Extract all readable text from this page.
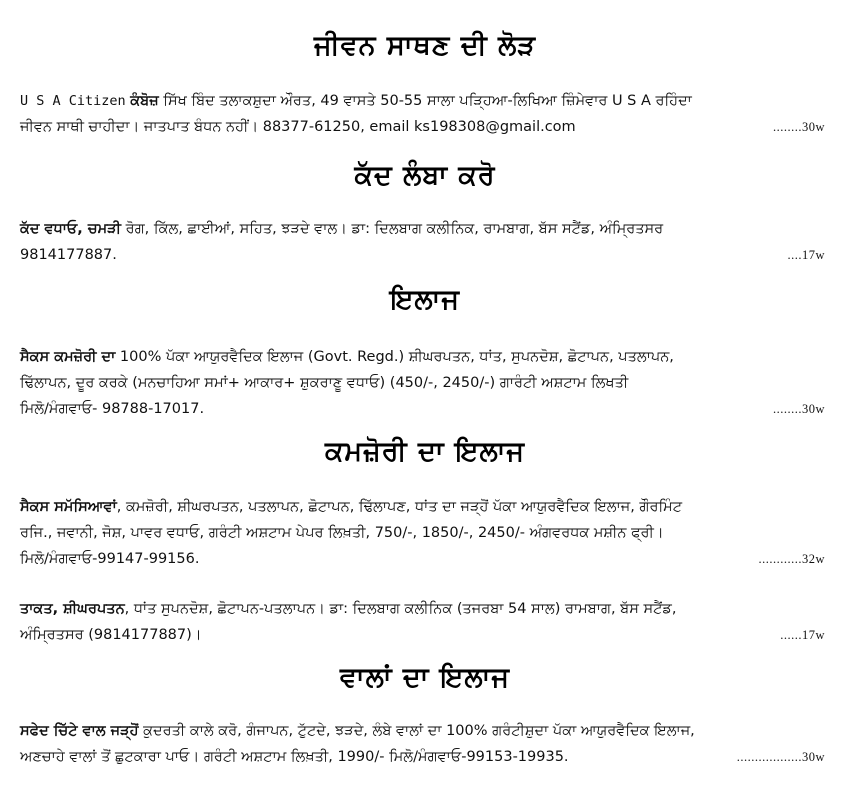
ਜੀਵਨ ਸਾਥਣ ਦੀ ਲੋੜ

U S A Citizen ਕੰਬੋਜ਼ ਸਿੱਖ ਬਿੰਦ ਤਲਾਕਸ਼ੁਦਾ ਔਰਤ, 49 ਵਾਸਤੇ 50-55 ਸਾਲਾ ਪੜ੍ਹਿਆ-ਲਿਖਿਆ ਜ਼ਿੰਮੇਵਾਰ U S A ਰਹਿੰਦਾ

ਜੀਵਨ ਸਾਥੀ ਚਾਹੀਦਾ। ਜਾਤਪਾਤ ਬੰਧਨ ਨਹੀਂ। 88377-61250, email ks198308@gmail.com	........30w

ਕੱਦ ਲੰਬਾ ਕਰੋ

ਕੱਦ ਵਧਾਓ, ਚਮੜੀ ਰੋਗ, ਕਿੱਲ, ਛਾਈਆਂ, ਸਹਿਤ, ਝੜਦੇ ਵਾਲ। ਡਾ: ਦਿਲਬਾਗ ਕਲੀਨਿਕ, ਰਾਮਬਾਗ, ਬੱਸ ਸਟੈਂਡ, ਅੰਮ੍ਰਿਤਸਰ

9814177887.	....17w

ਇਲਾਜ

ਸੈਕਸ ਕਮਜ਼ੋਰੀ ਦਾ 100% ਪੱਕਾ ਆਯੁਰਵੈਦਿਕ ਇਲਾਜ (Govt. Regd.) ਸ਼ੀਘਰਪਤਨ, ਧਾਂਤ, ਸੁਪਨਦੋਸ਼, ਛੋਟਾਪਨ, ਪਤਲਾਪਨ,

ਢਿੱਲਾਪਨ, ਦੂਰ ਕਰਕੇ (ਮਨਚਾਹਿਆ ਸਮਾਂ+ ਆਕਾਰ+ ਸ਼ੁਕਰਾਣੂ ਵਧਾਓ) (450/-, 2450/-) ਗਾਰੰਟੀ ਅਸ਼ਟਾਮ ਲਿਖਤੀ

ਮਿਲੋ/ਮੰਗਵਾਓ- 98788-17017.	........30w

ਕਮਜ਼ੋਰੀ ਦਾ ਇਲਾਜ

ਸੈਕਸ ਸਮੱਸਿਆਵਾਂ, ਕਮਜ਼ੋਰੀ, ਸ਼ੀਘਰਪਤਨ, ਪਤਲਾਪਨ, ਛੋਟਾਪਨ, ਢਿੱਲਾਪਣ, ਧਾਂਤ ਦਾ ਜੜ੍ਹੋਂ ਪੱਕਾ ਆਯੁਰਵੈਦਿਕ ਇਲਾਜ, ਗੌਰਮਿੰਟ

ਰਜਿ., ਜਵਾਨੀ, ਜੋਸ਼, ਪਾਵਰ ਵਧਾਓ, ਗਰੰਟੀ ਅਸ਼ਟਾਮ ਪੇਪਰ ਲਿਖ਼ਤੀ, 750/-, 1850/-, 2450/- ਅੰਗਵਰਧਕ ਮਸ਼ੀਨ ਫ੍ਰੀ।

ਮਿਲੋ/ਮੰਗਵਾਓ-99147-99156.	............32w

ਤਾਕਤ, ਸ਼ੀਘਰਪਤਨ, ਧਾਂਤ ਸੁਪਨਦੋਸ਼, ਛੋਟਾਪਨ-ਪਤਲਾਪਨ। ਡਾ: ਦਿਲਬਾਗ ਕਲੀਨਿਕ (ਤਜਰਬਾ 54 ਸਾਲ) ਰਾਮਬਾਗ, ਬੱਸ ਸਟੈਂਡ,

ਅੰਮ੍ਰਿਤਸਰ (9814177887)।	......17w

ਵਾਲਾਂ ਦਾ ਇਲਾਜ

ਸਫੇਦ ਚਿੱਟੇ ਵਾਲ ਜੜ੍ਹੋਂ ਕੁਦਰਤੀ ਕਾਲੇ ਕਰੋ, ਗੰਜਾਪਨ, ਟੁੱਟਦੇ, ਝੜਦੇ, ਲੰਬੇ ਵਾਲਾਂ ਦਾ 100% ਗਰੰਟੀਸ਼ੁਦਾ ਪੱਕਾ ਆਯੁਰਵੈਦਿਕ ਇਲਾਜ,

ਅਣਚਾਹੇ ਵਾਲਾਂ ਤੋਂ ਛੁਟਕਾਰਾ ਪਾਓ। ਗਰੰਟੀ ਅਸ਼ਟਾਮ ਲਿਖ਼ਤੀ, 1990/- ਮਿਲੋ/ਮੰਗਵਾਓ-99153-19935.	..................30w
